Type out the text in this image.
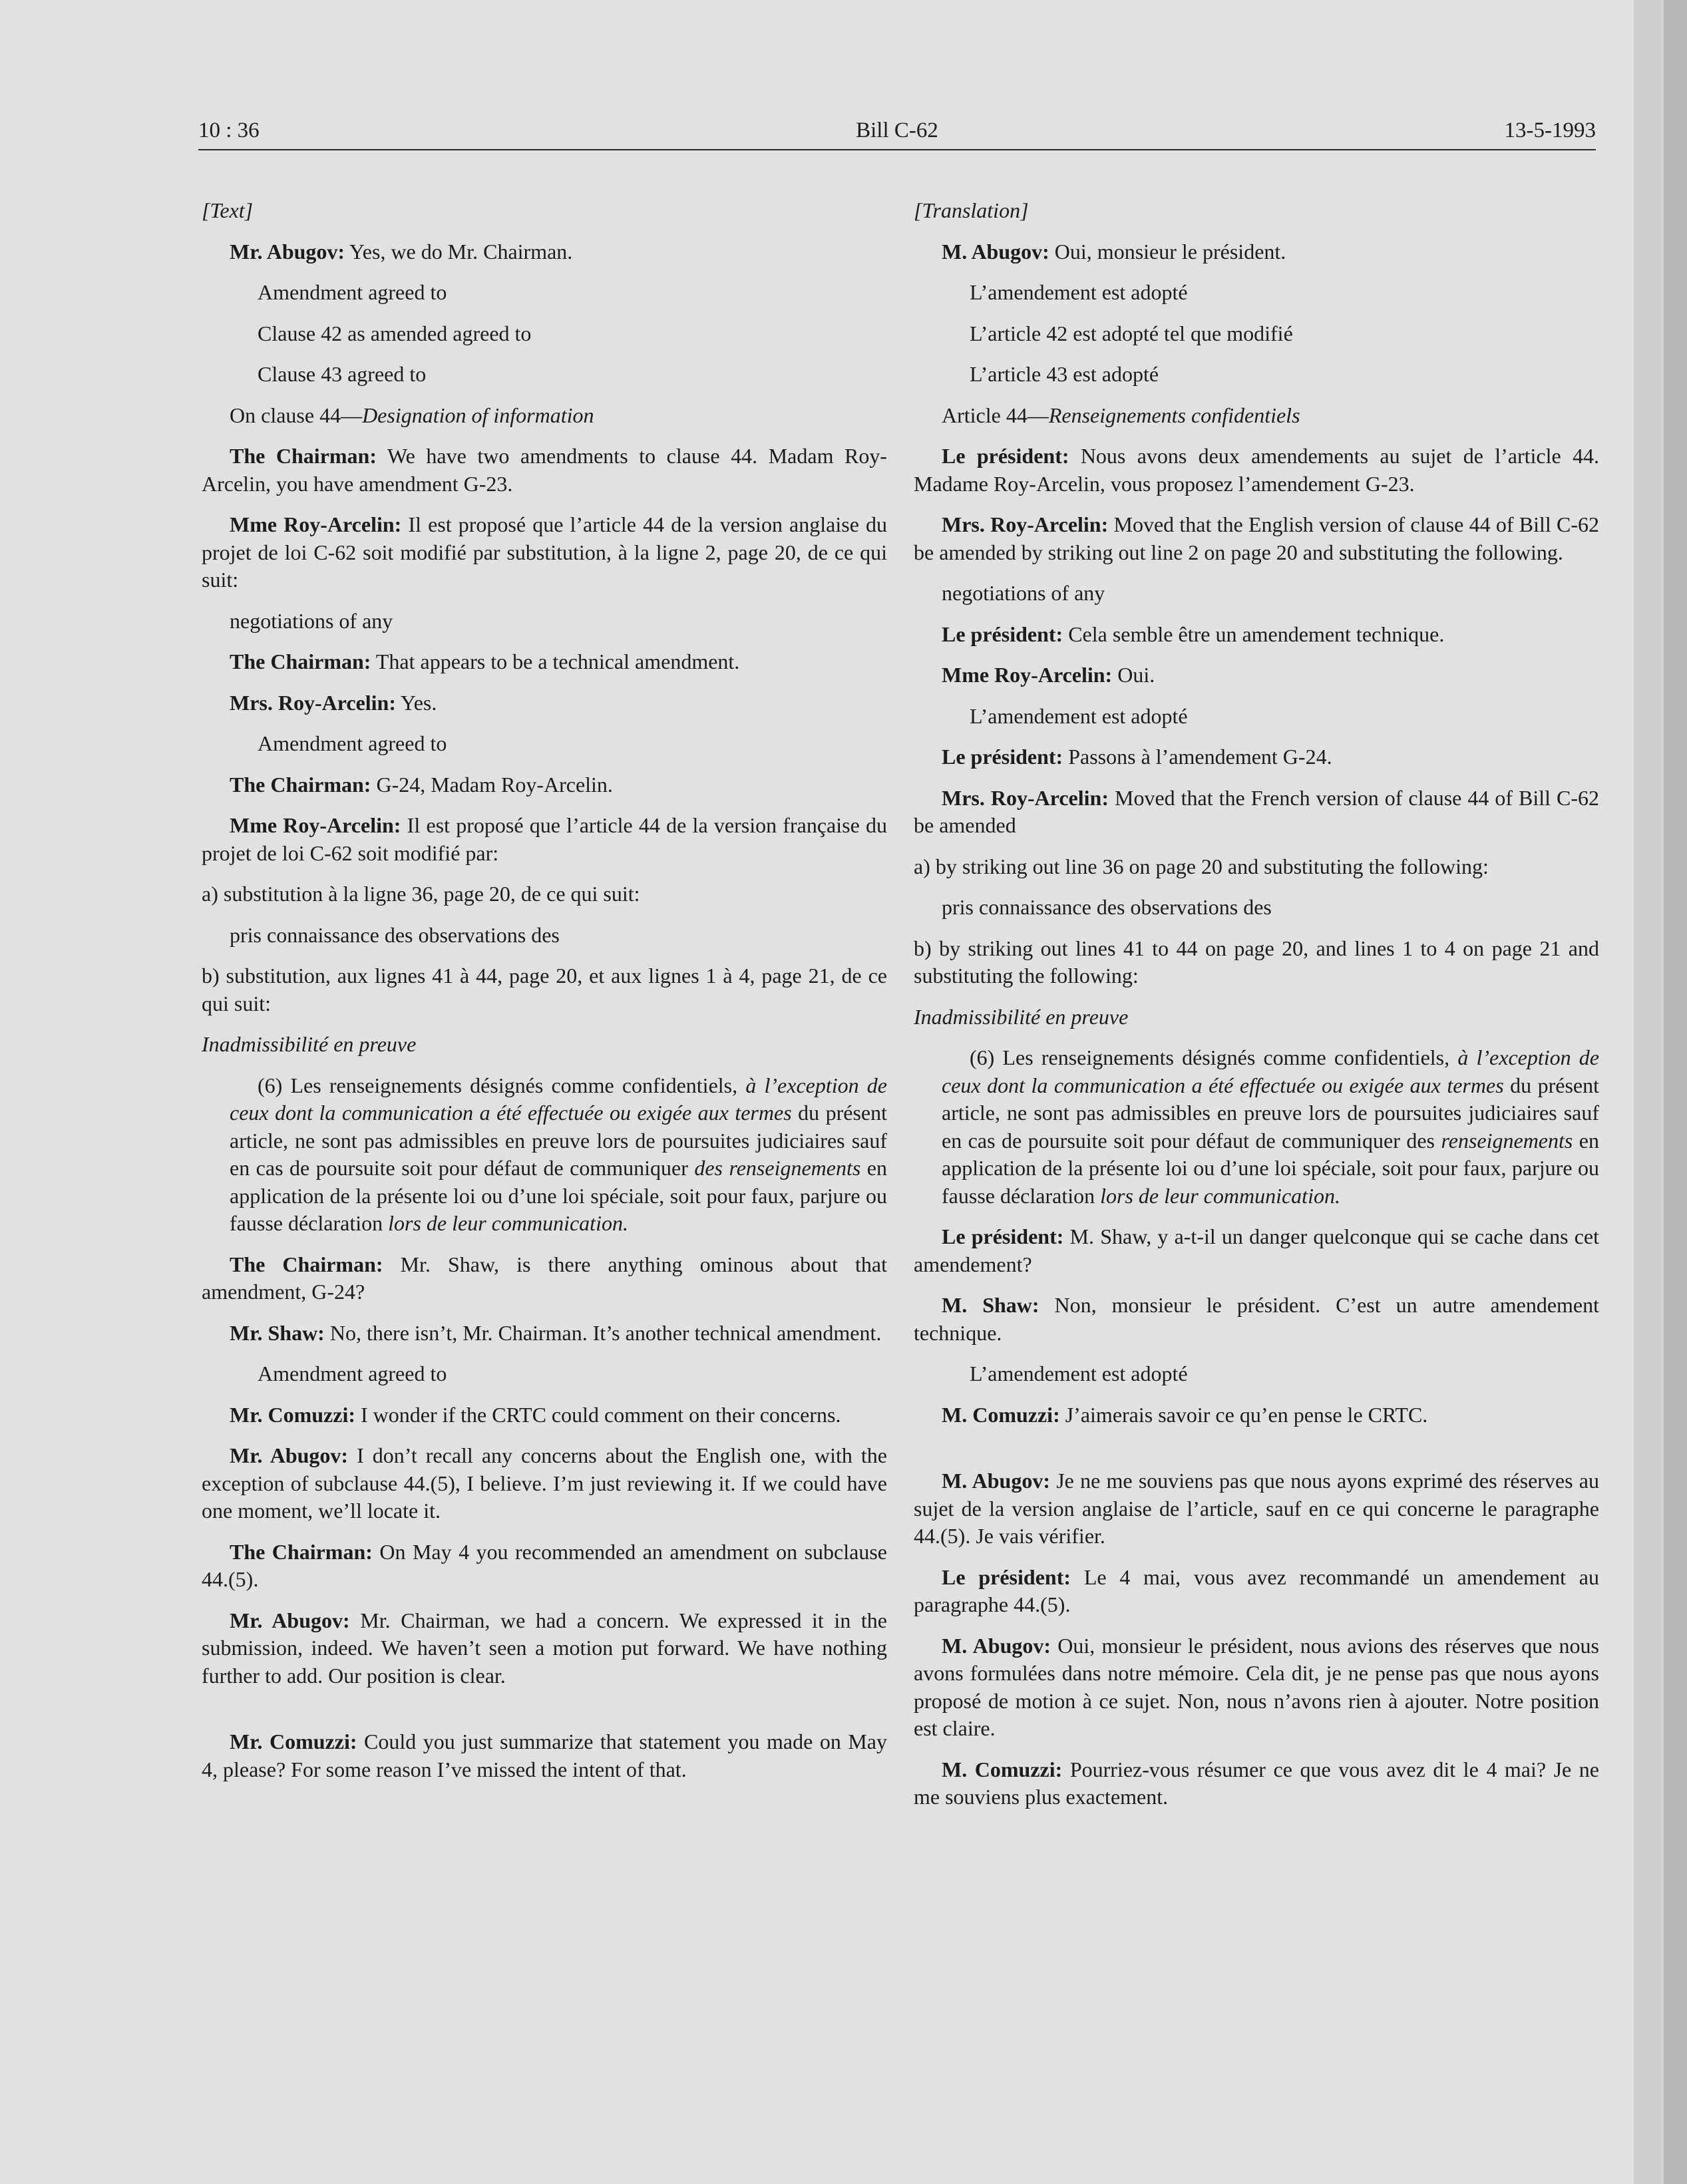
Bill C-62
10 : 36	13-5-1993

[Text]

Mr. Abugov: Yes, we do Mr. Chairman.

Amendment agreed to

Clause 42 as amended agreed to

Clause 43 agreed to

On clause 44—Designation of information

The Chairman: We have two amendments to clause 44. Madam Roy-Arcelin, you have amendment G-23.

Mme Roy-Arcelin: Il est proposé que l’article 44 de la version anglaise du projet de loi C-62 soit modifié par substitution, à la ligne 2, page 20, de ce qui suit:

negotiations of any

The Chairman: That appears to be a technical amendment.

Mrs. Roy-Arcelin: Yes.

Amendment agreed to

The Chairman: G-24, Madam Roy-Arcelin.

Mme Roy-Arcelin: Il est proposé que l’article 44 de la version française du projet de loi C-62 soit modifié par:

a) substitution à la ligne 36, page 20, de ce qui suit:

pris connaissance des observations des

b) substitution, aux lignes 41 à 44, page 20, et aux lignes 1 à 4, page 21, de ce qui suit:

Inadmissibilité en preuve

(6) Les renseignements désignés comme confidentiels, à l’exception de ceux dont la communication a été effectuée ou exigée aux termes du présent article, ne sont pas admissibles en preuve lors de poursuites judiciaires sauf en cas de poursuite soit pour défaut de communiquer des renseignements en application de la présente loi ou d’une loi spéciale, soit pour faux, parjure ou fausse déclaration lors de leur communication.

The Chairman: Mr. Shaw, is there anything ominous about that amendment, G-24?

Mr. Shaw: No, there isn’t, Mr. Chairman. It’s another technical amendment.

Amendment agreed to

Mr. Comuzzi: I wonder if the CRTC could comment on their concerns.

Mr. Abugov: I don’t recall any concerns about the English one, with the exception of subclause 44.(5), I believe. I’m just reviewing it. If we could have one moment, we’ll locate it.

The Chairman: On May 4 you recommended an amendment on subclause 44.(5).

Mr. Abugov: Mr. Chairman, we had a concern. We expressed it in the submission, indeed. We haven’t seen a motion put forward. We have nothing further to add. Our position is clear.

Mr. Comuzzi: Could you just summarize that statement you made on May 4, please? For some reason I’ve missed the intent of that.

[Translation]

M. Abugov: Oui, monsieur le président.

L’amendement est adopté

L’article 42 est adopté tel que modifié

L’article 43 est adopté

Article 44—Renseignements confidentiels

Le président: Nous avons deux amendements au sujet de l’article 44. Madame Roy-Arcelin, vous proposez l’amendement G-23.

Mrs. Roy-Arcelin: Moved that the English version of clause 44 of Bill C-62 be amended by striking out line 2 on page 20 and substituting the following.

negotiations of any

Le président: Cela semble être un amendement technique.

Mme Roy-Arcelin: Oui.

L’amendement est adopté

Le président: Passons à l’amendement G-24.

Mrs. Roy-Arcelin: Moved that the French version of clause 44 of Bill C-62 be amended

a) by striking out line 36 on page 20 and substituting the following:

pris connaissance des observations des

b) by striking out lines 41 to 44 on page 20, and lines 1 to 4 on page 21 and substituting the following:

Inadmissibilité en preuve

(6) Les renseignements désignés comme confidentiels, à l’exception de ceux dont la communication a été effectuée ou exigée aux termes du présent article, ne sont pas admissibles en preuve lors de poursuites judiciaires sauf en cas de poursuite soit pour défaut de communiquer des renseignements en application de la présente loi ou d’une loi spéciale, soit pour faux, parjure ou fausse déclaration lors de leur communication.

Le président: M. Shaw, y a-t-il un danger quelconque qui se cache dans cet amendement?

M. Shaw: Non, monsieur le président. C’est un autre amendement technique.

L’amendement est adopté

M. Comuzzi: J’aimerais savoir ce qu’en pense le CRTC.

M. Abugov: Je ne me souviens pas que nous ayons exprimé des réserves au sujet de la version anglaise de l’article, sauf en ce qui concerne le paragraphe 44.(5). Je vais vérifier.

Le président: Le 4 mai, vous avez recommandé un amendement au paragraphe 44.(5).

M. Abugov: Oui, monsieur le président, nous avions des réserves que nous avons formulées dans notre mémoire. Cela dit, je ne pense pas que nous ayons proposé de motion à ce sujet. Non, nous n’avons rien à ajouter. Notre position est claire.

M. Comuzzi: Pourriez-vous résumer ce que vous avez dit le 4 mai? Je ne me souviens plus exactement.
